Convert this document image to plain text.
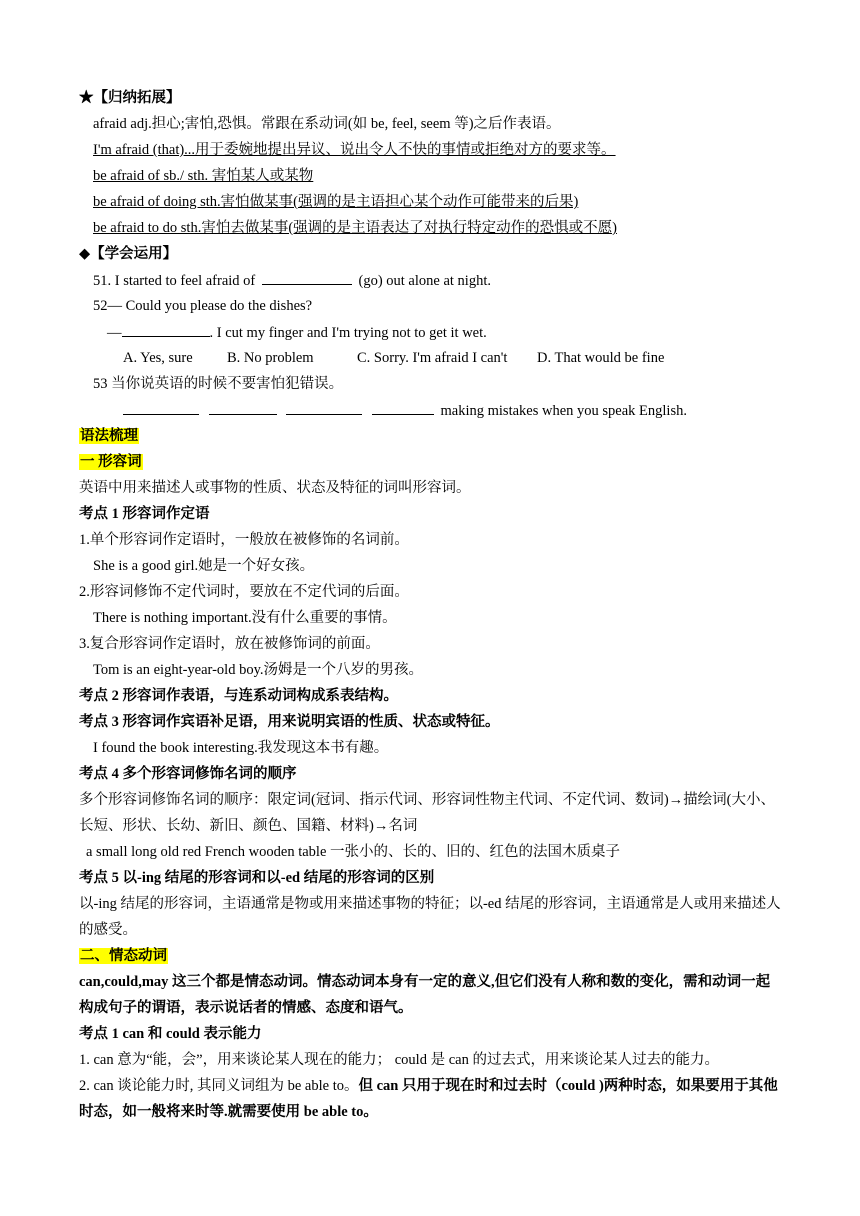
★【归纳拓展】
afraid adj.担心;害怕,恐惧。常跟在系动词(如 be, feel, seem 等)之后作表语。
I'm afraid (that)...用于委婉地提出异议、说出令人不快的事情或拒绝对方的要求等。
be afraid of sb./ sth. 害怕某人或某物
be afraid of doing sth.害怕做某事(强调的是主语担心某个动作可能带来的后果)
be afraid to do sth.害怕去做某事(强调的是主语表达了对执行特定动作的恐惧或不愿)
◆【学会运用】
51. I started to feel afraid of	(go) out alone at night.
52— Could you please do the dishes?
—	. I cut my finger and I'm trying not to get it wet.
A. Yes, sure B. No problem	C. Sorry. I'm afraid I can't D. That would be fine
53 当你说英语的时候不要害怕犯错误。
making mistakes when you speak English.
语法梳理
一 形容词
英语中用来描述人或事物的性质、状态及特征的词叫形容词。
考点 1 形容词作定语
1.单个形容词作定语时，一般放在被修饰的名词前。
She is a good girl.她是一个好女孩。
2.形容词修饰不定代词时，要放在不定代词的后面。
There is nothing important.没有什么重要的事情。
3.复合形容词作定语时，放在被修饰词的前面。
Tom is an eight-year-old boy.汤姆是一个八岁的男孩。
考点 2 形容词作表语，与连系动词构成系表结构。
考点 3 形容词作宾语补足语，用来说明宾语的性质、状态或特征。
I found the book interesting.我发现这本书有趣。
考点 4 多个形容词修饰名词的顺序
多个形容词修饰名词的顺序：限定词(冠词、指示代词、形容词性物主代词、不定代词、数词)→描绘词(大小、长短、形状、长幼、新旧、颜色、国籍、材料)→名词
a small long old red French wooden table 一张小的、长的、旧的、红色的法国木质桌子
考点 5 以-ing 结尾的形容词和以-ed 结尾的形容词的区别
以-ing 结尾的形容词，主语通常是物或用来描述事物的特征；以-ed 结尾的形容词，主语通常是人或用来描述人的感受。
二、情态动词
can,could,may 这三个都是情态动词。情态动词本身有一定的意义,但它们没有人称和数的变化，需和动词一起构成句子的谓语，表示说话者的情感、态度和语气。
考点 1 can 和 could 表示能力
1. can 意为“能，会”，用来谈论某人现在的能力； could 是 can 的过去式，用来谈论某人过去的能力。
2. can 谈论能力时, 其同义词组为 be able to。但 can 只用于现在时和过去时（could )两种时态，如果要用于其他时态，如一般将来时等.就需要使用 be able to。
